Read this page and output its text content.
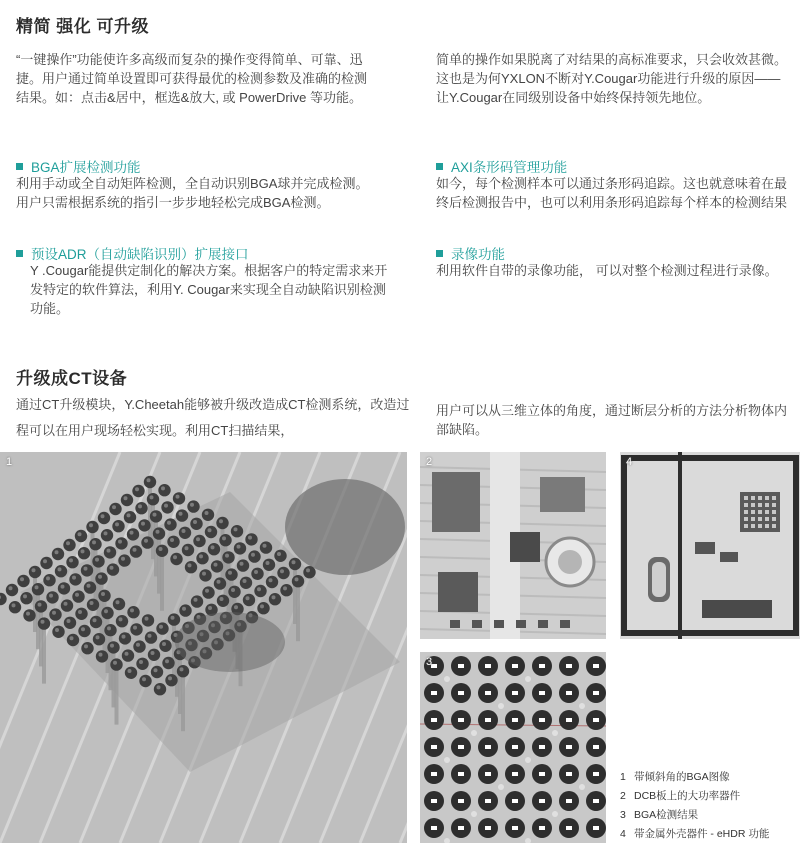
精简 强化 可升级
“一键操作”功能使许多高级而复杂的操作变得简单、可靠、迅捷。用户通过简单设置即可获得最优的检测参数及准确的检测结果。如：点击&居中，框选&放大, 或 PowerDrive 等功能。
简单的操作如果脱离了对结果的高标准要求，只会收效甚微。这也是为何YXLON不断对Y.Cougar功能进行升级的原因——让Y.Cougar在同级别设备中始终保持领先地位。
BGA扩展检测功能
利用手动或全自动矩阵检测，全自动识别BGA球并完成检测。 用户只需根据系统的指引一步步地轻松完成BGA检测。
AXI条形码管理功能
如今，每个检测样本可以通过条形码追踪。这也就意味着在最终后检测报告中，也可以利用条形码追踪每个样本的检测结果
预设ADR（自动缺陷识别）扩展接口
Y .Cougar能提供定制化的解决方案。根据客户的特定需求来开发特定的软件算法，利用Y. Cougar来实现全自动缺陷识别检测功能。
录像功能
利用软件自带的录像功能， 可以对整个检测过程进行录像。
升级成CT设备
通过CT升级模块，Y.Cheetah能够被升级改造成CT检测系统，改造过程可以在用户现场轻松实现。利用CT扫描结果，
用户可以从三维立体的角度，通过断层分析的方法分析物体内部缺陷。
1	2	4
3
1 带倾斜角的BGA图像
2 DCB板上的大功率器件
3 BGA检测结果
4 带金属外壳器件 - eHDR 功能
